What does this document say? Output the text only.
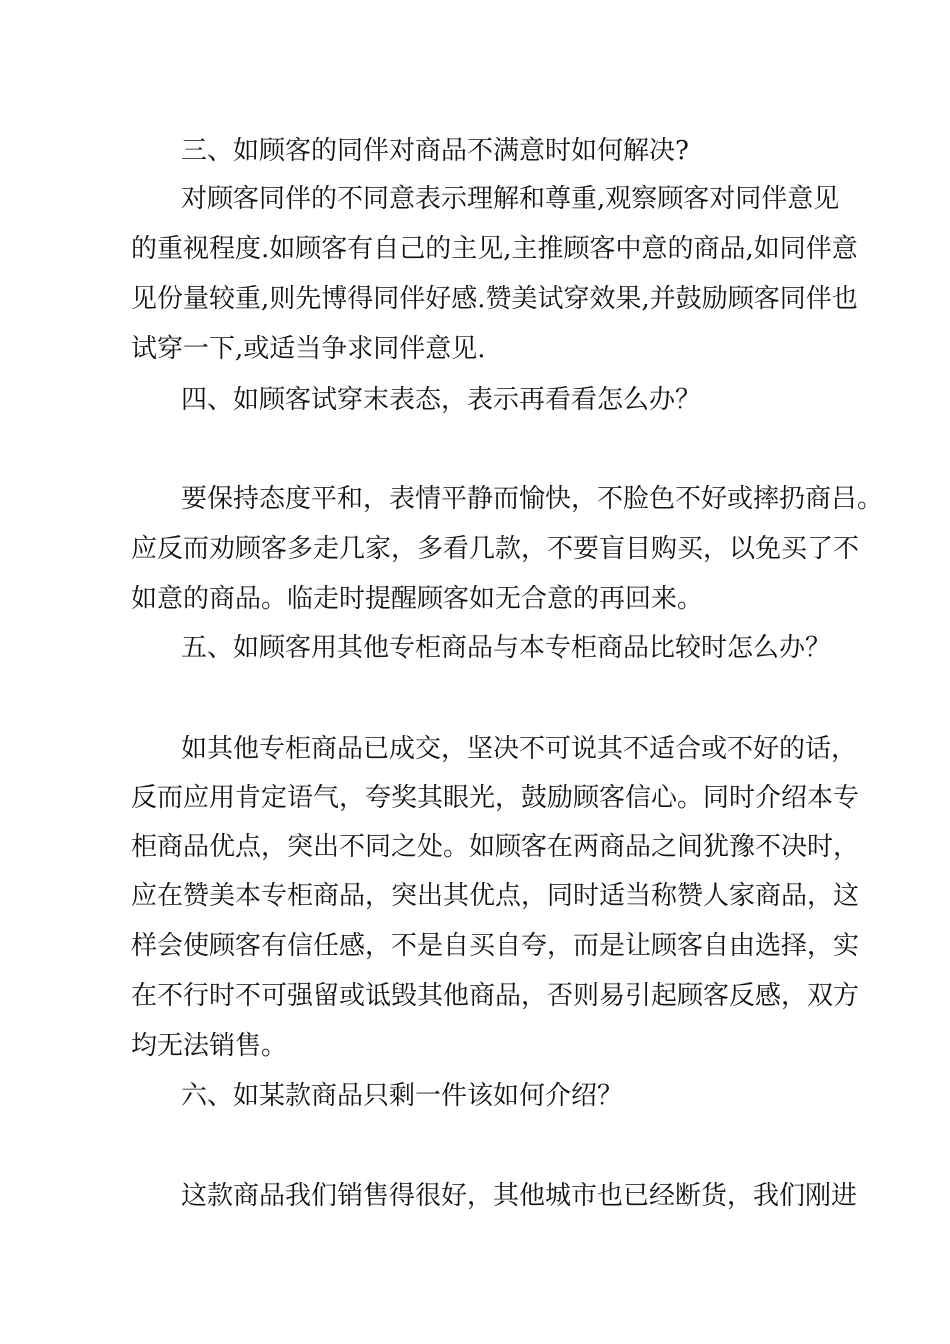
三、如顾客的同伴对商品不满意时如何解决?
对顾客同伴的不同意表示理解和尊重,观察顾客对同伴意见
的重视程度.如顾客有自己的主见,主推顾客中意的商品,如同伴意
见份量较重,则先博得同伴好感.赞美试穿效果,并鼓励顾客同伴也
试穿一下,或适当争求同伴意见.
四、如顾客试穿末表态，表示再看看怎么办？
要保持态度平和，表情平静而愉快，不脸色不好或摔扔商吕。
应反而劝顾客多走几家，多看几款，不要盲目购买，以免买了不
如意的商品。临走时提醒顾客如无合意的再回来。
五、如顾客用其他专柜商品与本专柜商品比较时怎么办？
如其他专柜商品已成交，坚决不可说其不适合或不好的话，
反而应用肯定语气，夸奖其眼光，鼓励顾客信心。同时介绍本专
柜商品优点，突出不同之处。如顾客在两商品之间犹豫不决时，
应在赞美本专柜商品，突出其优点，同时适当称赞人家商品，这
样会使顾客有信任感，不是自买自夸，而是让顾客自由选择，实
在不行时不可强留或诋毁其他商品，否则易引起顾客反感，双方
均无法销售。
六、如某款商品只剩一件该如何介绍？
这款商品我们销售得很好，其他城市也已经断货，我们刚进
